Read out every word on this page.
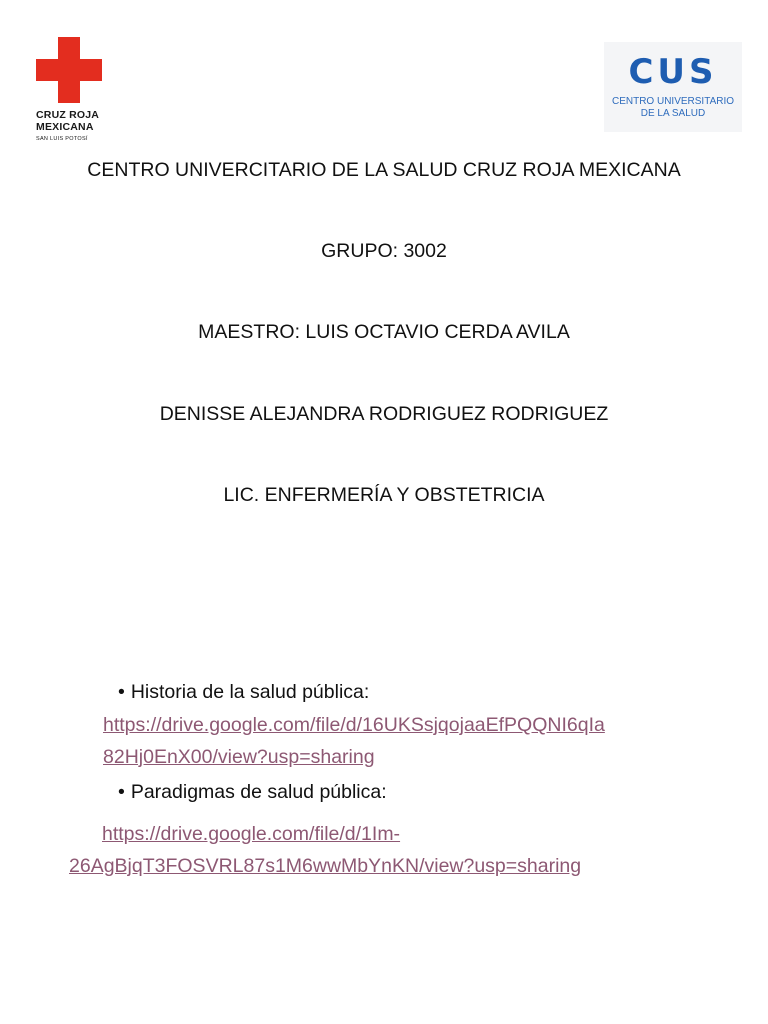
CRUZ ROJA
MEXICANA
SAN LUIS POTOSÍ
CUS
CENTRO UNIVERSITARIO
DE LA SALUD
CENTRO UNIVERCITARIO DE LA SALUD CRUZ ROJA MEXICANA
GRUPO: 3002
MAESTRO: LUIS OCTAVIO CERDA AVILA
DENISSE ALEJANDRA RODRIGUEZ RODRIGUEZ
LIC. ENFERMERÍA Y OBSTETRICIA
• Historia de la salud pública:
https://drive.google.com/file/d/16UKSsjqojaaEfPQQNI6qIa
82Hj0EnX00/view?usp=sharing
• Paradigmas de salud pública:
https://drive.google.com/file/d/1Im-
26AgBjqT3FOSVRL87s1M6wwMbYnKN/view?usp=sharing
